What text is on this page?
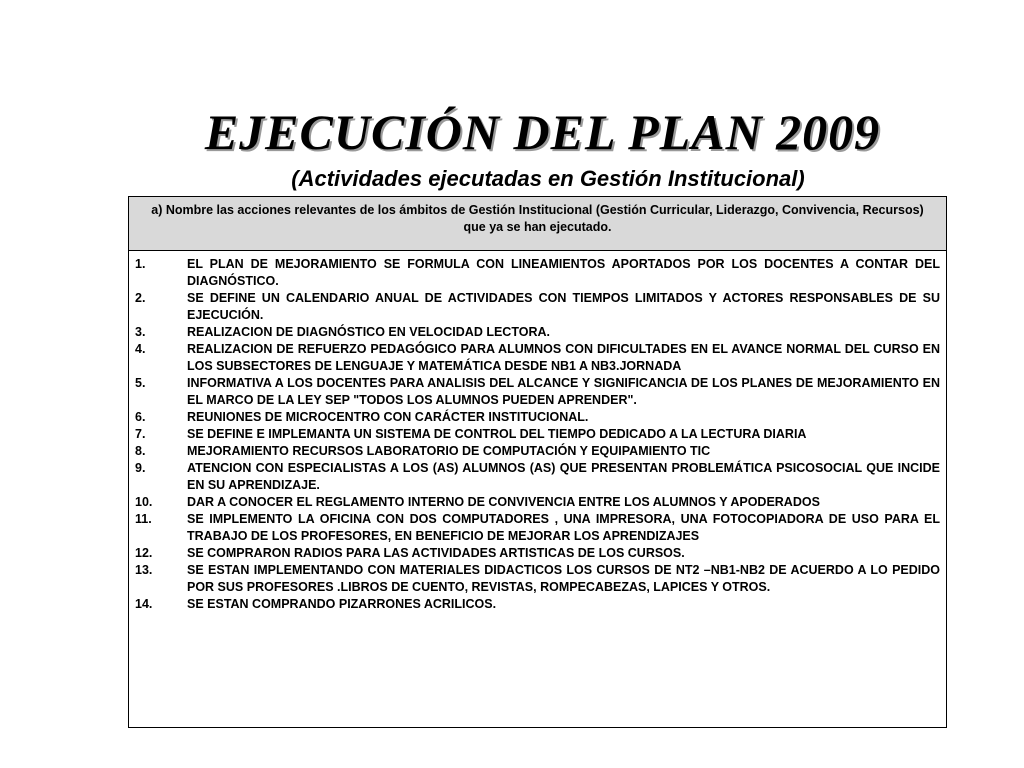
EJECUCIÓN DEL PLAN 2009
(Actividades ejecutadas en Gestión Institucional)
a) Nombre las acciones relevantes de los ámbitos de Gestión Institucional (Gestión Curricular, Liderazgo, Convivencia, Recursos) que ya se han ejecutado.
1.	EL PLAN DE MEJORAMIENTO SE FORMULA CON LINEAMIENTOS APORTADOS POR LOS DOCENTES A CONTAR DEL DIAGNÓSTICO.
2.	SE DEFINE UN CALENDARIO ANUAL DE ACTIVIDADES CON TIEMPOS LIMITADOS Y ACTORES RESPONSABLES DE SU EJECUCIÓN.
3.	REALIZACION DE DIAGNÓSTICO EN VELOCIDAD LECTORA.
4.	REALIZACION DE REFUERZO PEDAGÓGICO PARA ALUMNOS CON DIFICULTADES EN EL AVANCE NORMAL DEL CURSO EN LOS SUBSECTORES DE LENGUAJE Y MATEMÁTICA DESDE NB1 A NB3.JORNADA
5.	INFORMATIVA A LOS DOCENTES PARA ANALISIS DEL ALCANCE Y SIGNIFICANCIA DE LOS PLANES DE MEJORAMIENTO EN EL MARCO DE LA LEY SEP "TODOS LOS ALUMNOS PUEDEN APRENDER".
6.	REUNIONES DE MICROCENTRO CON CARÁCTER INSTITUCIONAL.
7.	SE DEFINE E IMPLEMANTA UN SISTEMA DE CONTROL DEL TIEMPO DEDICADO A LA LECTURA DIARIA
8.	MEJORAMIENTO RECURSOS LABORATORIO DE COMPUTACIÓN Y EQUIPAMIENTO TIC
9.	ATENCION CON ESPECIALISTAS A LOS (AS) ALUMNOS (AS) QUE PRESENTAN PROBLEMÁTICA PSICOSOCIAL QUE INCIDE EN SU APRENDIZAJE.
10.	DAR A CONOCER EL REGLAMENTO INTERNO DE CONVIVENCIA ENTRE LOS ALUMNOS Y APODERADOS
11.	SE IMPLEMENTO LA OFICINA CON DOS COMPUTADORES , UNA IMPRESORA, UNA FOTOCOPIADORA DE USO PARA EL TRABAJO DE LOS PROFESORES, EN BENEFICIO DE MEJORAR LOS APRENDIZAJES
12.	SE COMPRARON RADIOS PARA LAS ACTIVIDADES ARTISTICAS DE LOS CURSOS.
13.	SE ESTAN IMPLEMENTANDO CON MATERIALES DIDACTICOS LOS CURSOS DE NT2 –NB1-NB2 DE ACUERDO A LO PEDIDO POR SUS PROFESORES .LIBROS DE CUENTO, REVISTAS, ROMPECABEZAS, LAPICES Y OTROS.
14.	SE ESTAN COMPRANDO PIZARRONES ACRILICOS.
